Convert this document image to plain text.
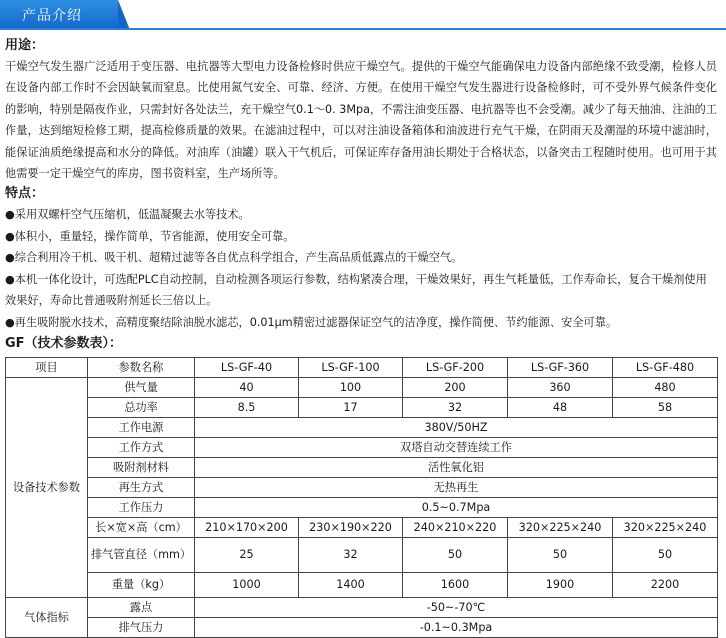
产品介绍
用途：

干燥空气发生器广泛适用于变压器、电抗器等大型电力设备检修时供应干燥空气。提供的干燥空气能确保电力设备内部绝缘不致受潮，检修人员在设备内部工作时不会因缺氧而窒息。比使用氮气安全、可靠、经济、方便。在使用干燥空气发生器进行设备检修时，可不受外界气候条件变化的影响，特别是隔夜作业，只需封好各处法兰，充干燥空气0.1～0. 3Mpa，不需注油变压器、电抗器等也不会受潮。减少了每天抽油、注油的工作量，达到缩短检修工期，提高检修质量的效果。在滤油过程中，可以对注油设备箱体和油波进行充气干燥，在阴雨天及潮湿的环境中滤油时，能保证油质绝缘提高和水分的降低。对油库（油罐）联入干气机后，可保证库存备用油长期处于合格状态，以备突击工程随时使用。也可用于其他需要一定干燥空气的库房，图书资料室，生产场所等。

特点：

●采用双螺杆空气压缩机，低温凝聚去水等技术。

●体积小，重量轻，操作简单，节省能源，使用安全可靠。

●综合利用冷干机、吸干机、超精过滤等各自优点科学组合，产生高品质低露点的干燥空气。

●本机一体化设计，可选配PLC自动控制，自动检测各项运行参数，结构紧凑合理，干燥效果好，再生气耗量低，工作寿命长，复合干燥剂使用效果好，寿命比普通吸附剂延长三倍以上。

●再生吸附脱水技术，高精度聚结除油脱水滤芯，0.01μm精密过滤器保证空气的洁净度，操作简便、节约能源、安全可靠。

GF（技术参数表）：
项目	参数名称	LS-GF-40	LS-GF-100	LS-GF-200	LS-GF-360	LS-GF-480
设备技术参数	供气量	40	100	200	360	480
	总功率	8.5	17	32	48	58
	工作电源	380V/50HZ				
	工作方式	双塔自动交替连续工作				
	吸附剂材料	活性氧化铝				
	再生方式	无热再生				
	工作压力	0.5~0.7Mpa				
	长×宽×高（cm）	210×170×200	230×190×220	240×210×220	320×225×240	320×225×240
	排气管直径（mm）	25	32	50	50	50
	重量（kg）	1000	1400	1600	1900	2200
气体指标	露点	-50~-70℃				
	排气压力	-0.1~0.3Mpa				
